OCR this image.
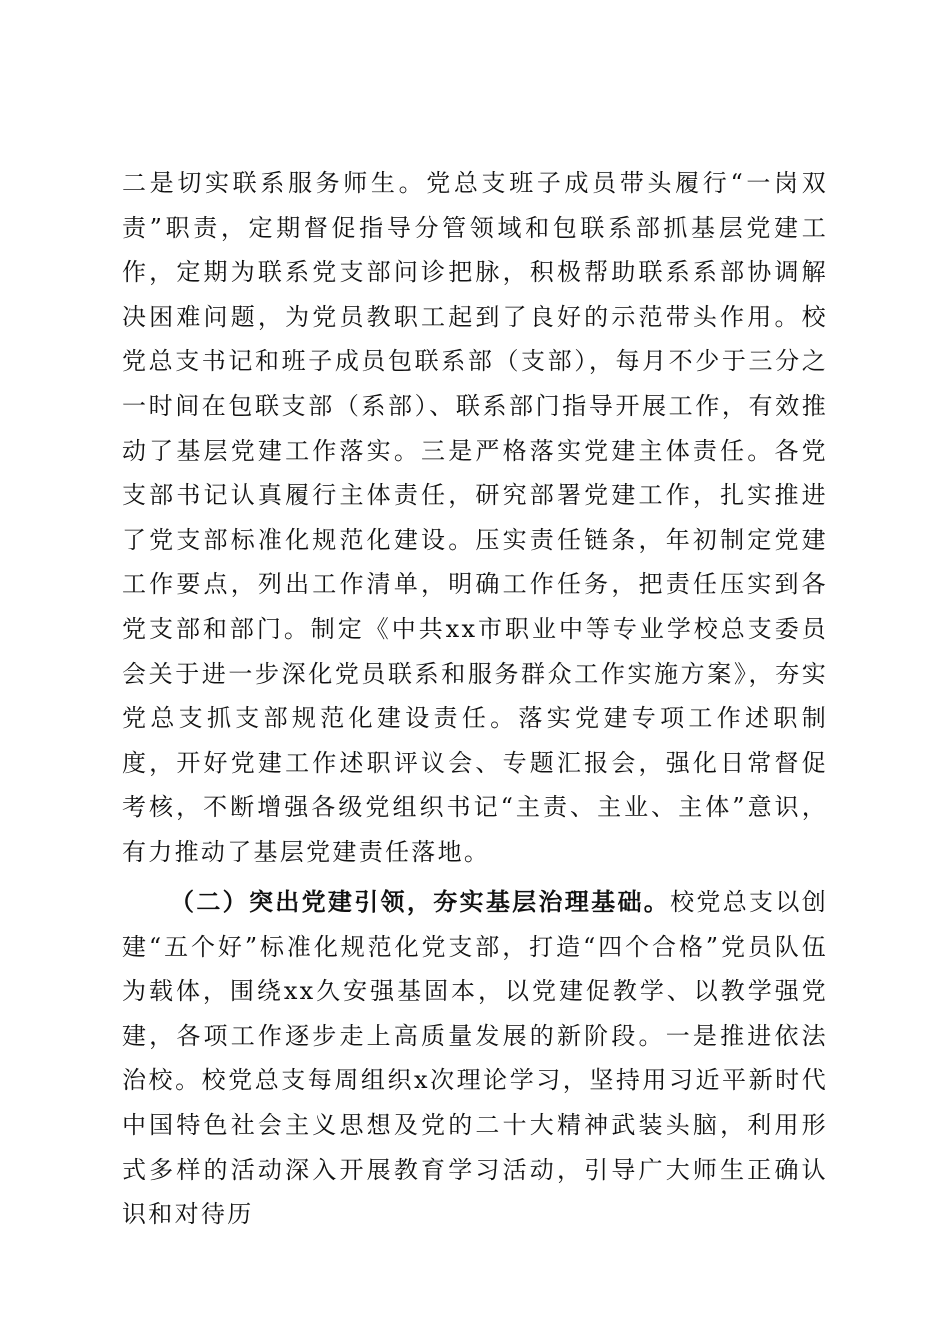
二是切实联系服务师生。党总支班子成员带头履行“一岗双责”职责，定期督促指导分管领域和包联系部抓基层党建工作，定期为联系党支部问诊把脉，积极帮助联系系部协调解决困难问题，为党员教职工起到了良好的示范带头作用。校党总支书记和班子成员包联系部（支部），每月不少于三分之一时间在包联支部（系部）、联系部门指导开展工作，有效推动了基层党建工作落实。三是严格落实党建主体责任。各党支部书记认真履行主体责任，研究部署党建工作，扎实推进了党支部标准化规范化建设。压实责任链条，年初制定党建工作要点，列出工作清单，明确工作任务，把责任压实到各党支部和部门。制定《中共xx市职业中等专业学校总支委员会关于进一步深化党员联系和服务群众工作实施方案》，夯实党总支抓支部规范化建设责任。落实党建专项工作述职制度，开好党建工作述职评议会、专题汇报会，强化日常督促考核，不断增强各级党组织书记“主责、主业、主体”意识，有力推动了基层党建责任落地。

（二）突出党建引领，夯实基层治理基础。校党总支以创建“五个好”标准化规范化党支部，打造“四个合格”党员队伍为载体，围绕xx久安强基固本，以党建促教学、以教学强党建，各项工作逐步走上高质量发展的新阶段。一是推进依法治校。校党总支每周组织x次理论学习，坚持用习近平新时代中国特色社会主义思想及党的二十大精神武装头脑，利用形式多样的活动深入开展教育学习活动，引导广大师生正确认识和对待历
